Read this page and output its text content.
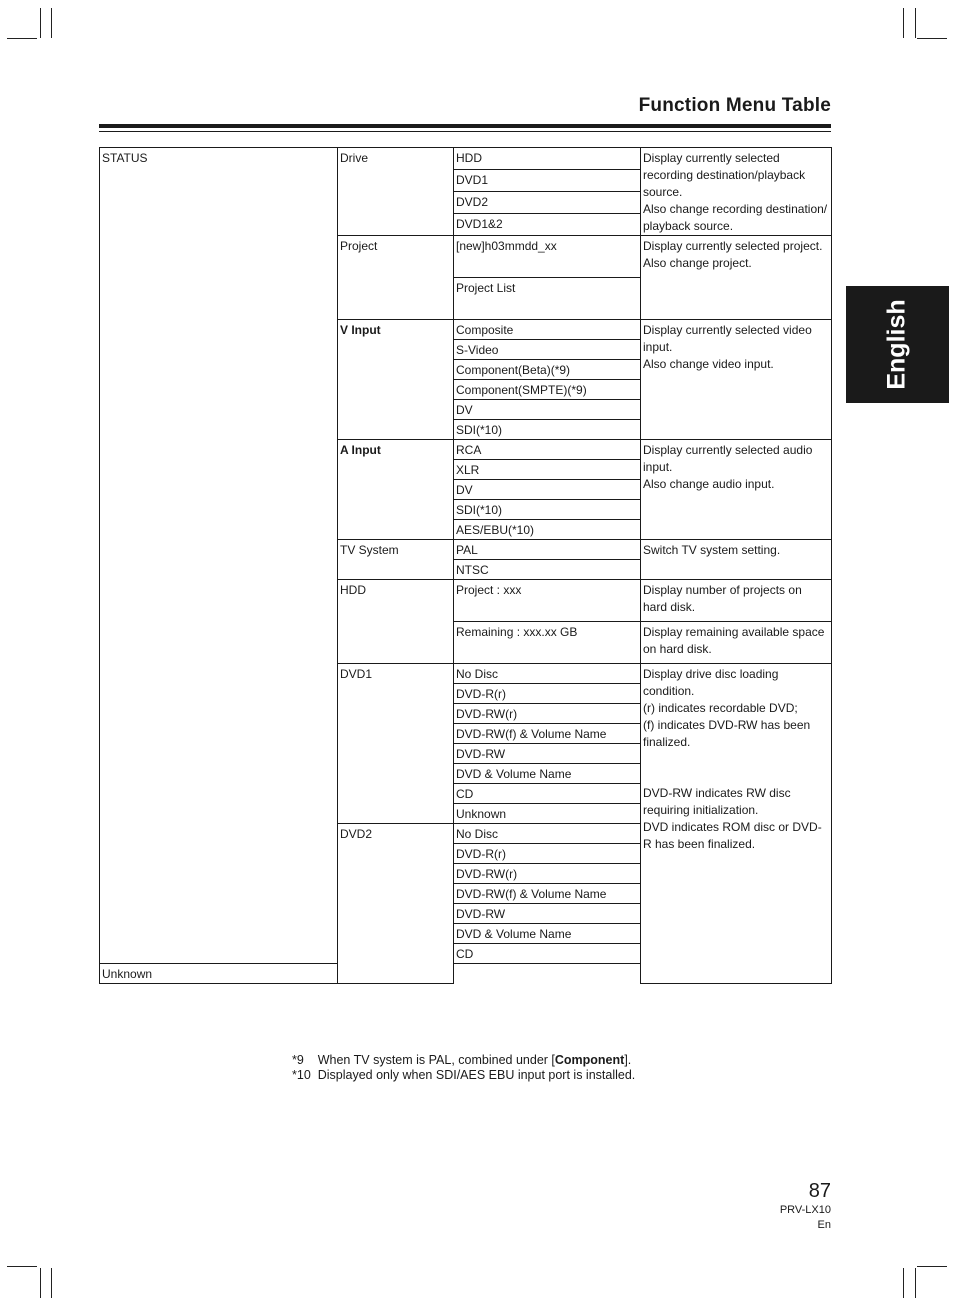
Function Menu Table
English
STATUS	Drive	HDD	Display currently selected recording destination/playback source.
Also change recording destination/ playback source.

		DVD1	
		DVD2	
		DVD1&2	
	Project	[new]h03mmdd_xx	Display currently selected project.
Also change project.

		Project List	
	V Input	Composite	Display currently selected video input.
Also change video input.

		S-Video	
		Component(Beta)(*9)	
		Component(SMPTE)(*9)	
		DV	
		SDI(*10)	
	A Input	RCA	Display currently selected audio input.
Also change audio input.

		XLR	
		DV	
		SDI(*10)	
		AES/EBU(*10)	
	TV System	PAL	Switch TV system setting.

		NTSC	
	HDD	Project : xxx	Display number of projects on hard disk.

		Remaining : xxx.xx GB	Display remaining available space on hard disk.

	DVD1	No Disc	Display drive disc loading condition.
(r) indicates recordable DVD;
(f) indicates DVD-RW has been finalized.
DVD-RW indicates RW disc requiring initialization.
DVD indicates ROM disc or DVD-R has been finalized.

		DVD-R(r)	
		DVD-RW(r)	
		DVD-RW(f) & Volume Name	
		DVD-RW	
		DVD & Volume Name	
		CD	
		Unknown	
	DVD2	No Disc	
		DVD-R(r)	
		DVD-RW(r)	
		DVD-RW(f) & Volume Name	
		DVD-RW	
		DVD & Volume Name	
		CD	
Unknown			
*9 When TV system is PAL, combined under [Component].
*10 Displayed only when SDI/AES EBU input port is installed.
87
PRV-LX10
En
